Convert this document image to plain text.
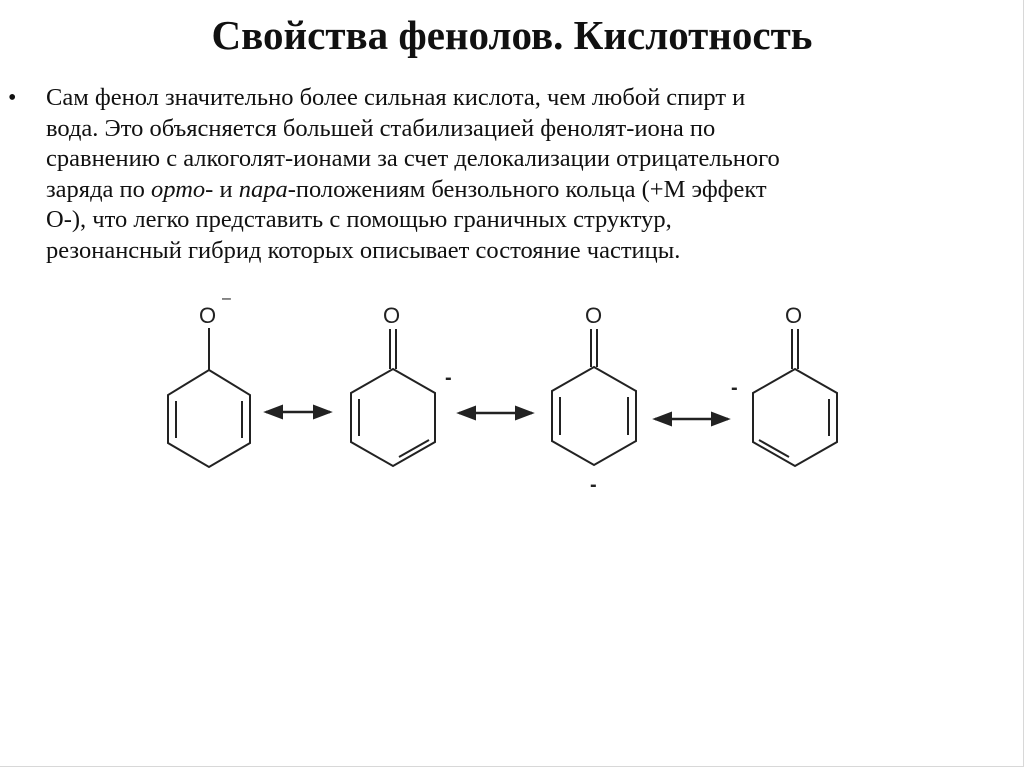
Свойства фенолов. Кислотность
• Сам фенол значительно более сильная кислота, чем любой спирт и
вода. Это объясняется большей стабилизацией фенолят-иона по
сравнению с алкоголят-ионами за счет делокализации отрицательного
заряда по орто- и пара-положениям бензольного кольца (+М эффект
О-), что легко представить с помощью граничных структур,
резонансный гибрид которых описывает состояние частицы.
O
–
O
-
O
-
O
-
